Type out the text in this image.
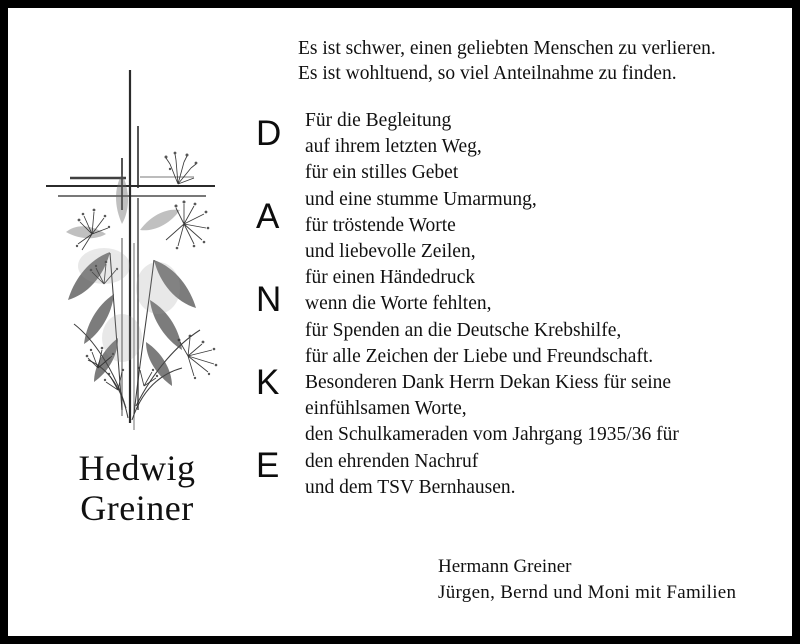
Hedwig
Greiner
Es ist schwer, einen geliebten Menschen zu verlieren.
Es ist wohltuend, so viel Anteilnahme zu finden.
D
A
N
K
E
Für die Begleitung
auf ihrem letzten Weg,
für ein stilles Gebet
und eine stumme Umarmung,
für tröstende Worte
und liebevolle Zeilen,
für einen Händedruck
wenn die Worte fehlten,
für Spenden an die Deutsche Krebshilfe,
für alle Zeichen der Liebe und Freundschaft.
Besonderen Dank Herrn Dekan Kiess für seine
einfühlsamen Worte,
den Schulkameraden vom Jahrgang 1935/36 für
den ehrenden Nachruf
und dem TSV Bernhausen.
Hermann Greiner
Jürgen, Bernd und Moni mit Familien
